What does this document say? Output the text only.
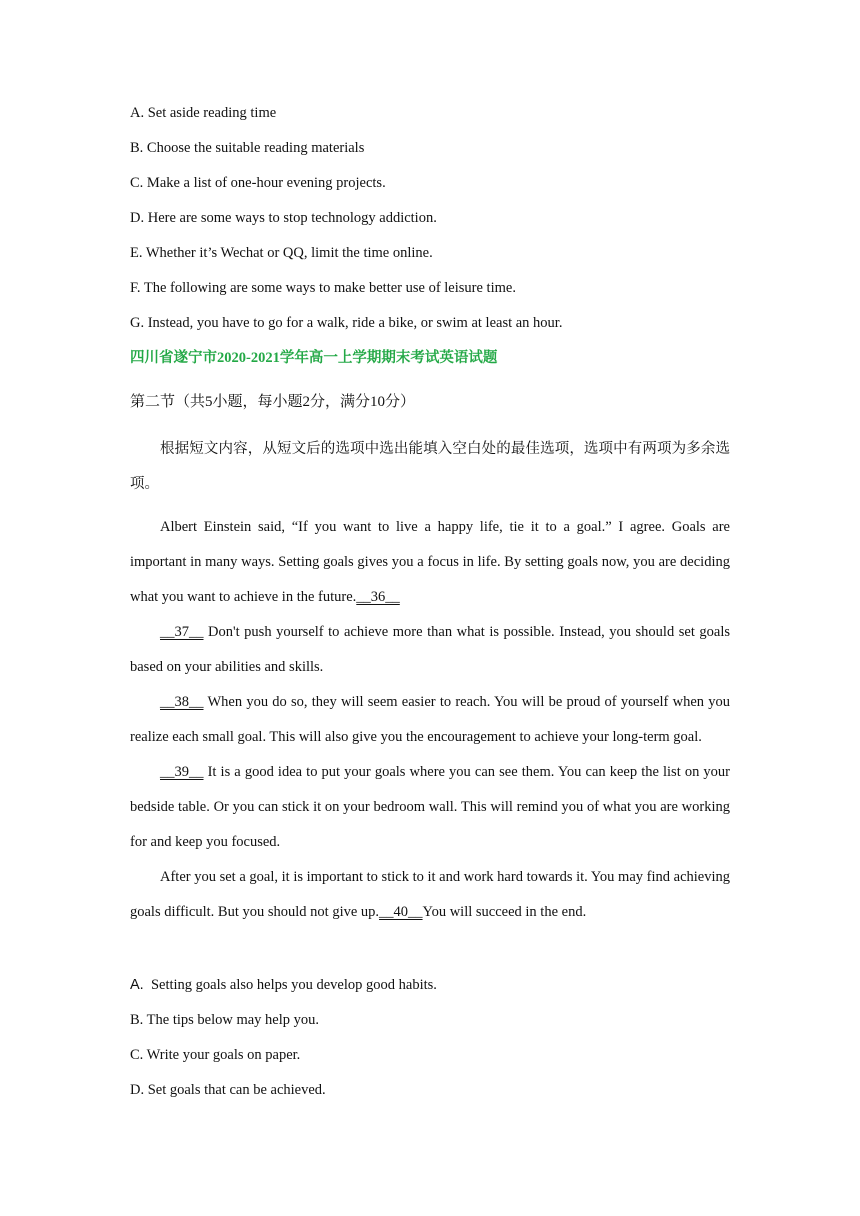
A. Set aside reading time
B. Choose the suitable reading materials
C. Make a list of one-hour evening projects.
D. Here are some ways to stop technology addiction.
E. Whether it’s Wechat or QQ, limit the time online.
F. The following are some ways to make better use of leisure time.
G. Instead, you have to go for a walk, ride a bike, or swim at least an hour.
四川省遂宁市2020-2021学年高一上学期期末考试英语试题
第二节（共5小题，每小题2分，满分10分）

根据短文内容，从短文后的选项中选出能填入空白处的最佳选项，选项中有两项为多余选项。

Albert Einstein said, “If you want to live a happy life, tie it to a goal.” I agree. Goals are important in many ways. Setting goals gives you a focus in life. By setting goals now, you are deciding what you want to achieve in the future.__36__

__37__ Don't push yourself to achieve more than what is possible. Instead, you should set goals based on your abilities and skills.

__38__ When you do so, they will seem easier to reach. You will be proud of yourself when you realize each small goal. This will also give you the encouragement to achieve your long-term goal.

__39__ It is a good idea to put your goals where you can see them. You can keep the list on your bedside table. Or you can stick it on your bedroom wall. This will remind you of what you are working for and keep you focused.

After you set a goal, it is important to stick to it and work hard towards it. You may find achieving goals difficult. But you should not give up.__40__You will succeed in the end.

A. Setting goals also helps you develop good habits.
B. The tips below may help you.
C. Write your goals on paper.
D. Set goals that can be achieved.
